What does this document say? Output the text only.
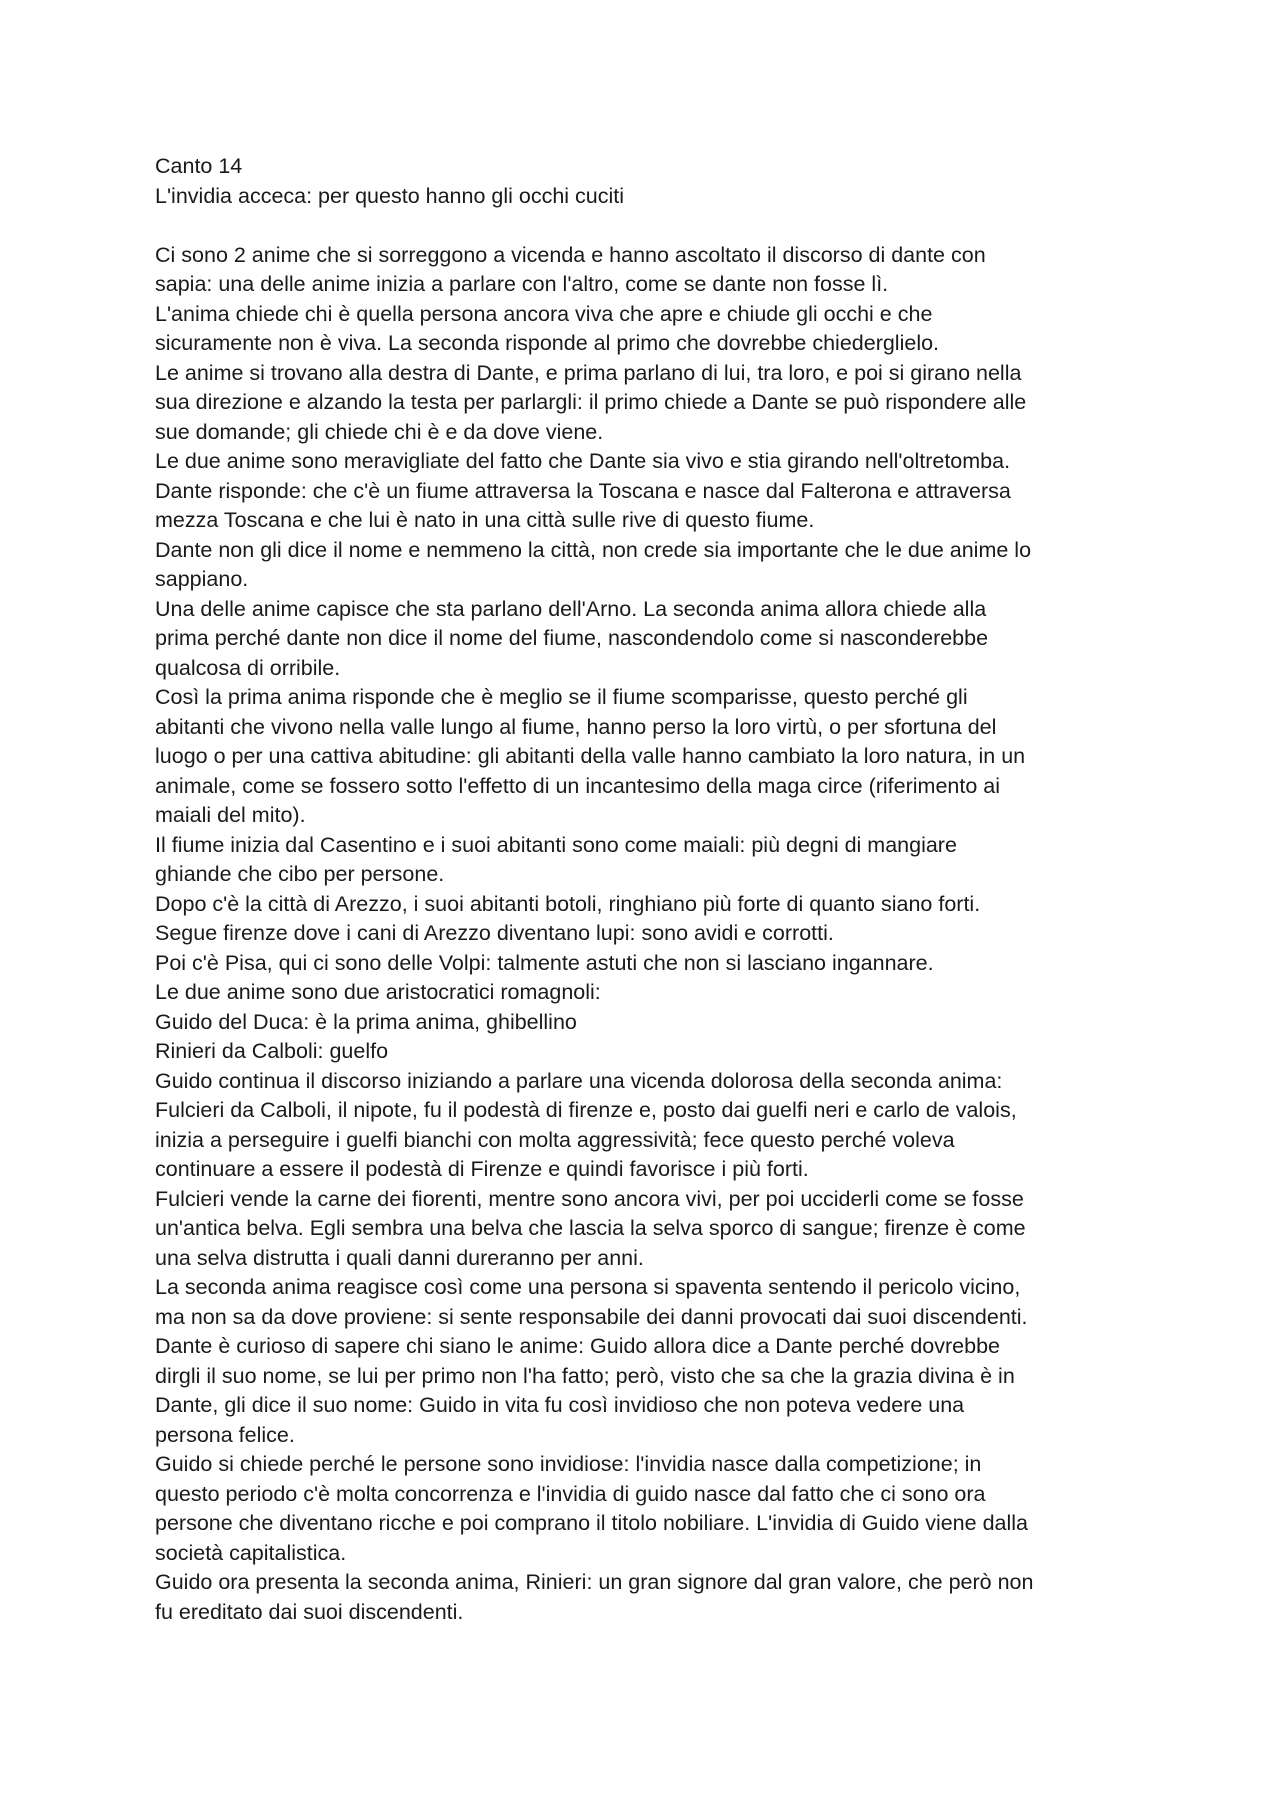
Canto 14
L'invidia acceca: per questo hanno gli occhi cuciti
Ci sono 2 anime che si sorreggono a vicenda e hanno ascoltato il discorso di dante con
sapia: una delle anime inizia a parlare con l'altro, come se dante non fosse lì.
L'anima chiede chi è quella persona ancora viva che apre e chiude gli occhi e che
sicuramente non è viva. La seconda risponde al primo che dovrebbe chiederglielo.
Le anime si trovano alla destra di Dante, e prima parlano di lui, tra loro, e poi si girano nella
sua direzione e alzando la testa per parlargli: il primo chiede a Dante se può rispondere alle
sue domande; gli chiede chi è e da dove viene.
Le due anime sono meravigliate del fatto che Dante sia vivo e stia girando nell'oltretomba.
Dante risponde: che c'è un fiume attraversa la Toscana e nasce dal Falterona e attraversa
mezza Toscana e che lui è nato in una città sulle rive di questo fiume.
Dante non gli dice il nome e nemmeno la città, non crede sia importante che le due anime lo
sappiano.
Una delle anime capisce che sta parlano dell'Arno. La seconda anima allora chiede alla
prima perché dante non dice il nome del fiume, nascondendolo come si nasconderebbe
qualcosa di orribile.
Così la prima anima risponde che è meglio se il fiume scomparisse, questo perché gli
abitanti che vivono nella valle lungo al fiume, hanno perso la loro virtù, o per sfortuna del
luogo o per una cattiva abitudine: gli abitanti della valle hanno cambiato la loro natura, in un
animale, come se fossero sotto l'effetto di un incantesimo della maga circe (riferimento ai
maiali del mito).
Il fiume inizia dal Casentino e i suoi abitanti sono come maiali: più degni di mangiare
ghiande che cibo per persone.
Dopo c'è la città di Arezzo, i suoi abitanti botoli, ringhiano più forte di quanto siano forti.
Segue firenze dove i cani di Arezzo diventano lupi: sono avidi e corrotti.
Poi c'è Pisa, qui ci sono delle Volpi: talmente astuti che non si lasciano ingannare.
Le due anime sono due aristocratici romagnoli:
Guido del Duca: è la prima anima, ghibellino
Rinieri da Calboli: guelfo
Guido continua il discorso iniziando a parlare una vicenda dolorosa della seconda anima:
Fulcieri da Calboli, il nipote, fu il podestà di firenze e, posto dai guelfi neri e carlo de valois,
inizia a perseguire i guelfi bianchi con molta aggressività; fece questo perché voleva
continuare a essere il podestà di Firenze e quindi favorisce i più forti.
Fulcieri vende la carne dei fiorenti, mentre sono ancora vivi, per poi ucciderli come se fosse
un'antica belva. Egli sembra una belva che lascia la selva sporco di sangue; firenze è come
una selva distrutta i quali danni dureranno per anni.
La seconda anima reagisce così come una persona si spaventa sentendo il pericolo vicino,
ma non sa da dove proviene: si sente responsabile dei danni provocati dai suoi discendenti.
Dante è curioso di sapere chi siano le anime: Guido allora dice a Dante perché dovrebbe
dirgli il suo nome, se lui per primo non l'ha fatto; però, visto che sa che la grazia divina è in
Dante, gli dice il suo nome: Guido in vita fu così invidioso che non poteva vedere una
persona felice.
Guido si chiede perché le persone sono invidiose: l'invidia nasce dalla competizione; in
questo periodo c'è molta concorrenza e l'invidia di guido nasce dal fatto che ci sono ora
persone che diventano ricche e poi comprano il titolo nobiliare. L'invidia di Guido viene dalla
società capitalistica.
Guido ora presenta la seconda anima, Rinieri: un gran signore dal gran valore, che però non
fu ereditato dai suoi discendenti.
